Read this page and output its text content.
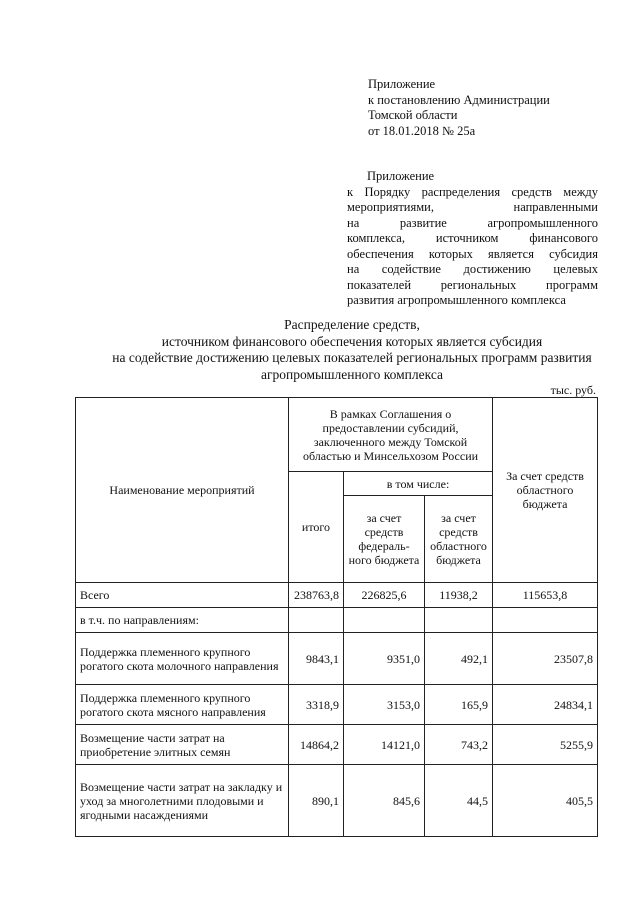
Приложение
к постановлению Администрации
Томской области
от 18.01.2018 № 25а
Приложение
к Порядку распределения средств между
мероприятиями, направленными
на развитие агропромышленного
комплекса, источником финансового
обеспечения которых является субсидия
на содействие достижению целевых
показателей региональных программ
развития агропромышленного комплекса
Распределение средств,
источником финансового обеспечения которых является субсидия
на содействие достижению целевых показателей региональных программ развития
агропромышленного комплекса
тыс. руб.
Наименование мероприятий	В рамках Соглашения о предоставлении субсидий, заключенного между Томской областью и Минсельхозом России			За счет средств областного бюджета
	итого	в том числе:		
		за счет средств федераль-ного бюджета	за счет средств областного бюджета	
Всего	238763,8	226825,6	11938,2	115653,8
в т.ч. по направлениям:				
Поддержка племенного крупного рогатого скота молочного направления	9843,1	9351,0	492,1	23507,8
Поддержка племенного крупного рогатого скота мясного направления	3318,9	3153,0	165,9	24834,1
Возмещение части затрат на приобретение элитных семян	14864,2	14121,0	743,2	5255,9
Возмещение части затрат на закладку и уход за многолетними плодовыми и ягодными насаждениями	890,1	845,6	44,5	405,5
